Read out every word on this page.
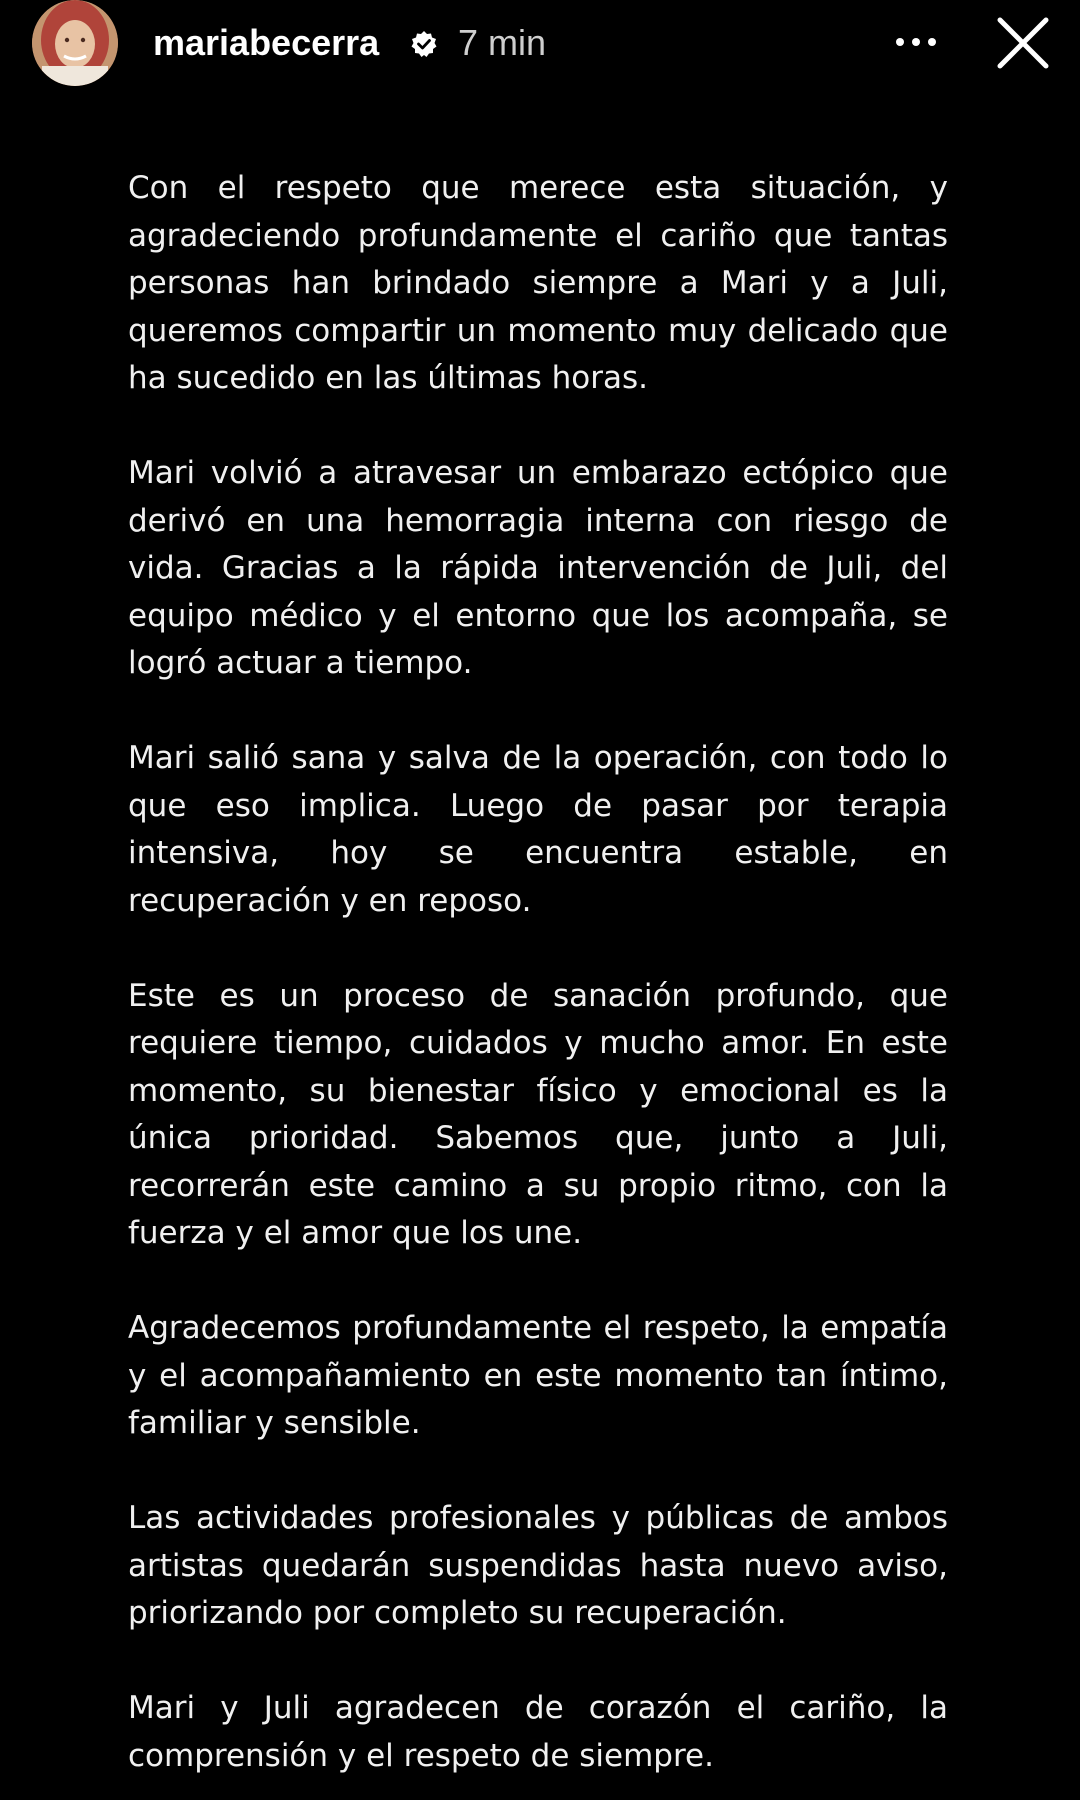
mariabecerra 7 min

Con el respeto que merece esta situación, y agradeciendo profundamente el cariño que tantas personas han brindado siempre a Mari y a Juli, queremos compartir un momento muy delicado que ha sucedido en las últimas horas.

Mari volvió a atravesar un embarazo ectópico que derivó en una hemorragia interna con riesgo de vida. Gracias a la rápida intervención de Juli, del equipo médico y el entorno que los acompaña, se logró actuar a tiempo.

Mari salió sana y salva de la operación, con todo lo que eso implica. Luego de pasar por terapia intensiva, hoy se encuentra estable, en recuperación y en reposo.

Este es un proceso de sanación profundo, que requiere tiempo, cuidados y mucho amor. En este momento, su bienestar físico y emocional es la única prioridad. Sabemos que, junto a Juli, recorrerán este camino a su propio ritmo, con la fuerza y el amor que los une.

Agradecemos profundamente el respeto, la empatía y el acompañamiento en este momento tan íntimo, familiar y sensible.

Las actividades profesionales y públicas de ambos artistas quedarán suspendidas hasta nuevo aviso, priorizando por completo su recuperación.

Mari y Juli agradecen de corazón el cariño, la comprensión y el respeto de siempre.
